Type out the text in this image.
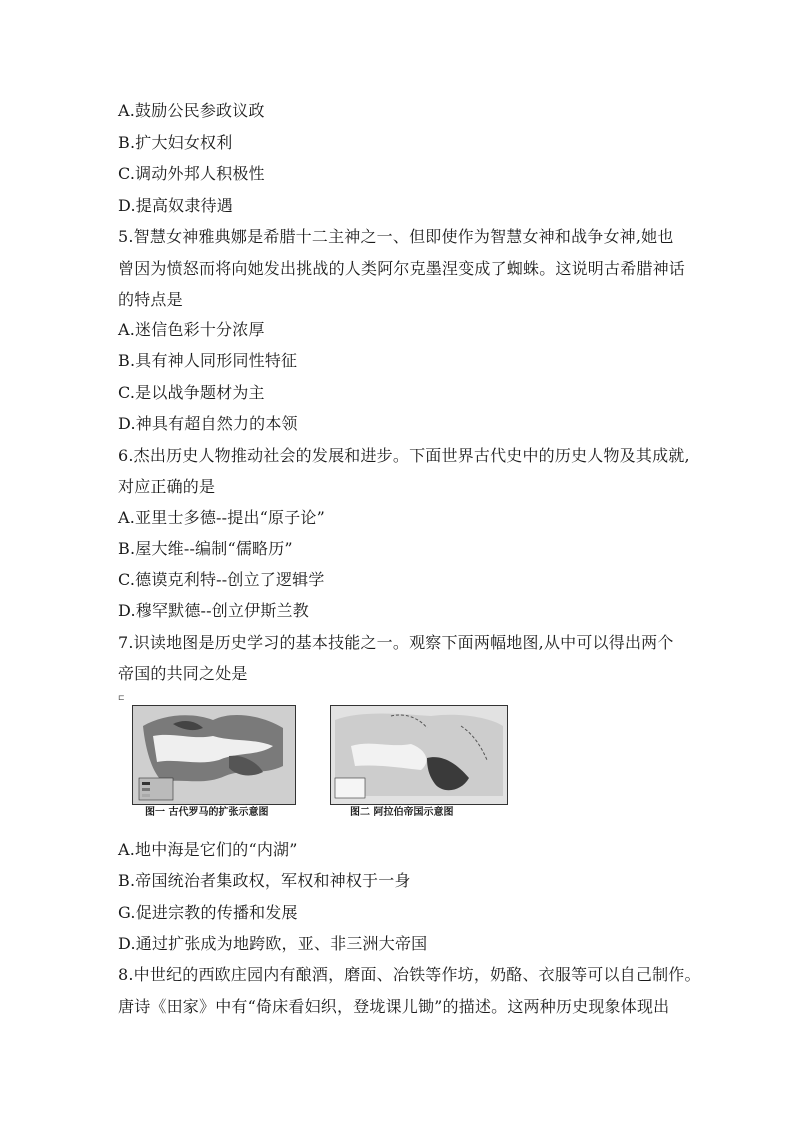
A.鼓励公民参政议政
B.扩大妇女权利
C.调动外邦人积极性
D.提高奴隶待遇
5.智慧女神雅典娜是希腊十二主神之一、但即使作为智慧女神和战争女神,她也
曾因为愤怒而将向她发出挑战的人类阿尔克墨涅变成了蜘蛛。这说明古希腊神话
的特点是
A.迷信色彩十分浓厚
B.具有神人同形同性特征
C.是以战争题材为主
D.神具有超自然力的本领
6.杰出历史人物推动社会的发展和进步。下面世界古代史中的历史人物及其成就,
对应正确的是
A.亚里士多德--提出“原子论”
B.屋大维--编制“儒略历”
C.德谟克利特--创立了逻辑学
D.穆罕默德--创立伊斯兰教
7.识读地图是历史学习的基本技能之一。观察下面两幅地图,从中可以得出两个
帝国的共同之处是
⊏
图一 古代罗马的扩张示意图	图二 阿拉伯帝国示意图
A.地中海是它们的“内湖”
B.帝国统治者集政权，军权和神权于一身
G.促进宗教的传播和发展
D.通过扩张成为地跨欧，亚、非三洲大帝国
8.中世纪的西欧庄园内有酿酒，磨面、冶铁等作坊，奶酪、衣服等可以自己制作。
唐诗《田家》中有“倚床看妇织，登垅课儿锄”的描述。这两种历史现象体现出
